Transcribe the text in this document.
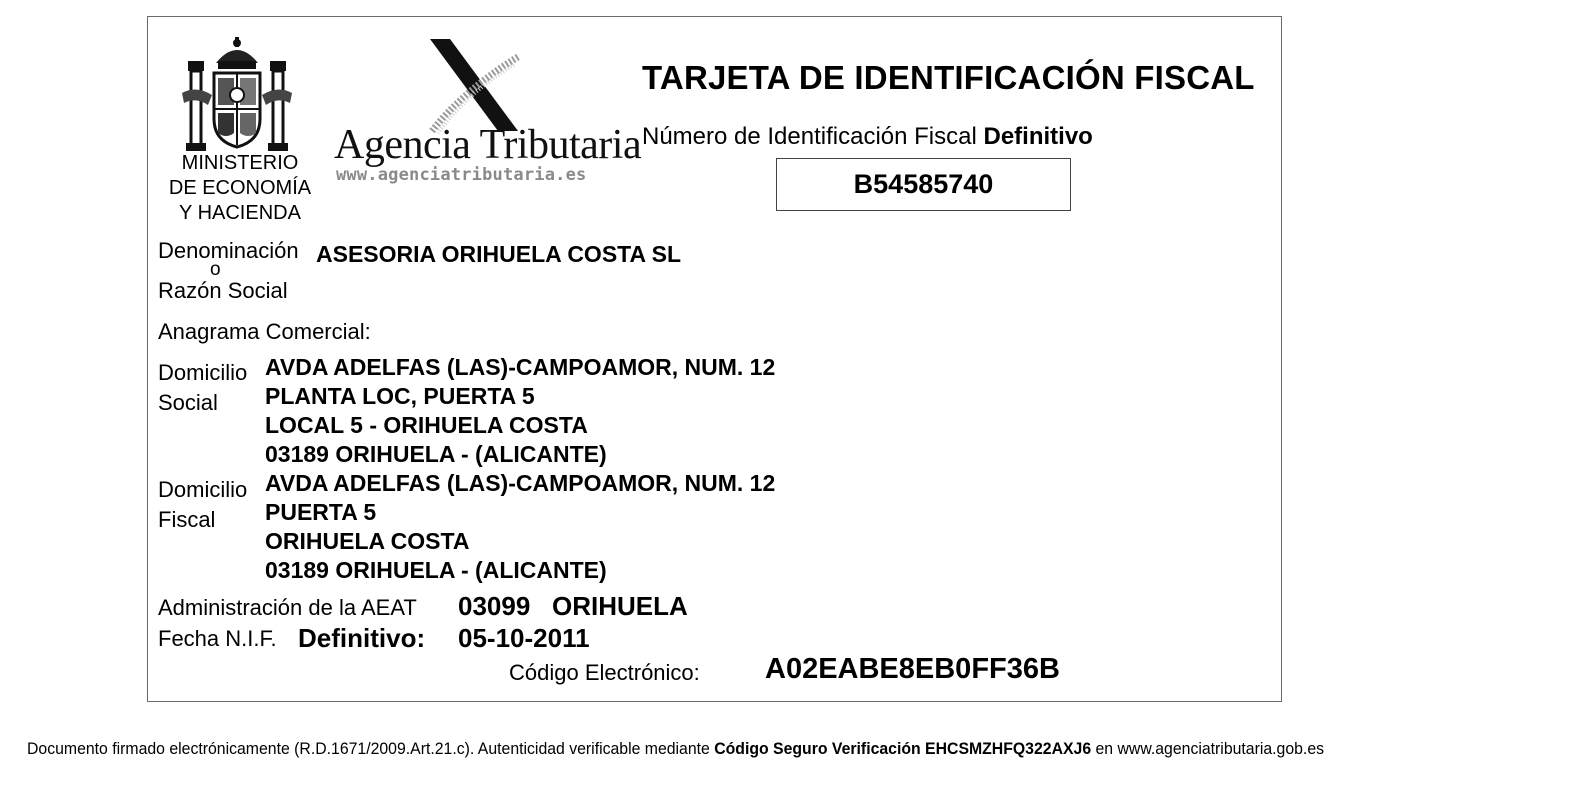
MINISTERIO
DE ECONOMÍA
Y HACIENDA
Agencia Tributaria
www.agenciatributaria.es
TARJETA DE IDENTIFICACIÓN FISCAL
Número de Identificación Fiscal Definitivo
B54585740
Denominación
o
Razón Social
ASESORIA ORIHUELA COSTA SL
Anagrama Comercial:
Domicilio
Social
AVDA ADELFAS (LAS)-CAMPOAMOR, NUM. 12
PLANTA LOC, PUERTA 5
LOCAL 5 - ORIHUELA COSTA
03189 ORIHUELA - (ALICANTE)
Domicilio
Fiscal
AVDA ADELFAS (LAS)-CAMPOAMOR, NUM. 12
PUERTA 5
ORIHUELA COSTA
03189 ORIHUELA - (ALICANTE)
Administración de la AEAT 03099 ORIHUELA
Fecha N.I.F. Definitivo: 05-10-2011
Código Electrónico: A02EABE8EB0FF36B
Documento firmado electrónicamente (R.D.1671/2009.Art.21.c). Autenticidad verificable mediante Código Seguro Verificación EHCSMZHFQ322AXJ6 en www.agenciatributaria.gob.es
